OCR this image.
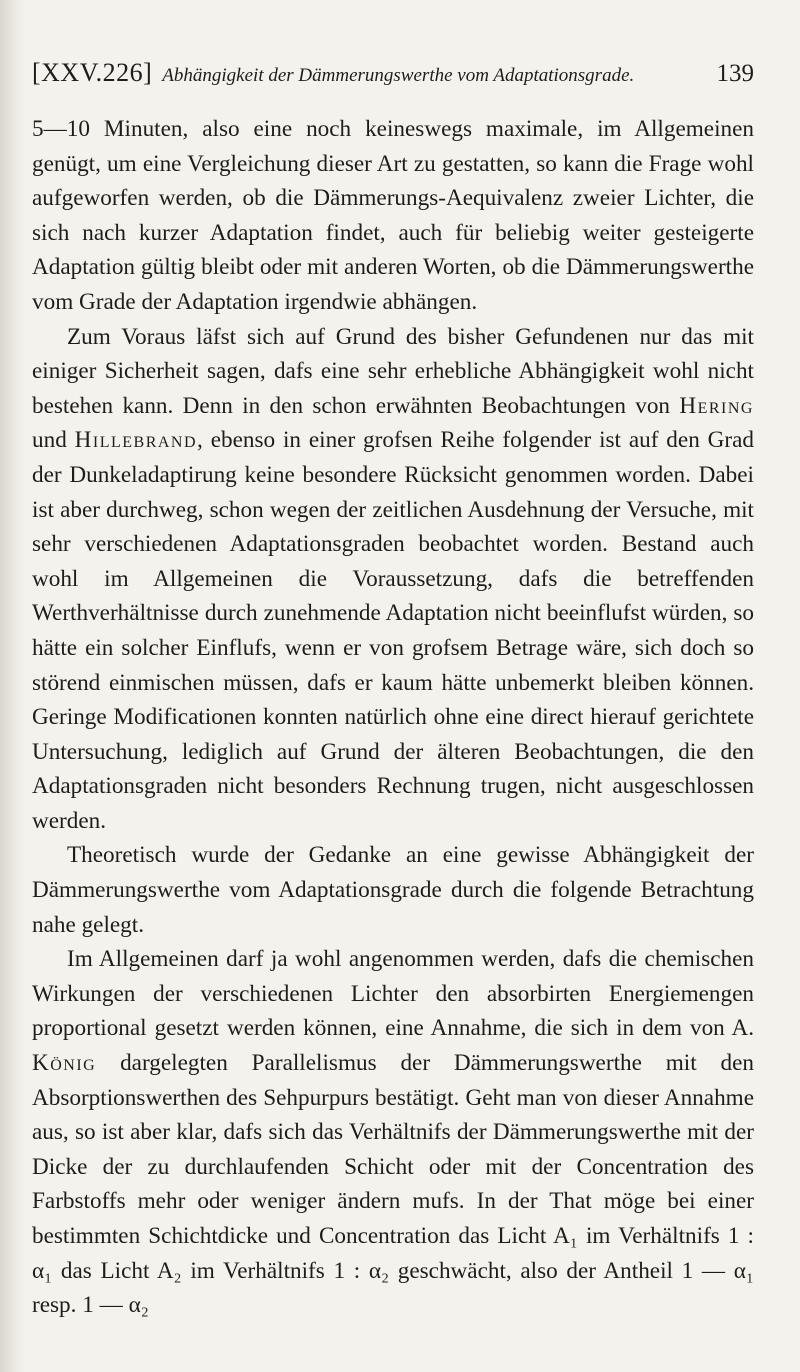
[XXV.226] Abhängigkeit der Dämmerungswerthe vom Adaptationsgrade.	139

5—10 Minuten, also eine noch keineswegs maximale, im Allgemeinen genügt, um eine Vergleichung dieser Art zu gestatten, so kann die Frage wohl aufgeworfen werden, ob die Dämmerungs-Aequivalenz zweier Lichter, die sich nach kurzer Adaptation findet, auch für beliebig weiter gesteigerte Adaptation gültig bleibt oder mit anderen Worten, ob die Dämmerungswerthe vom Grade der Adaptation irgendwie abhängen.

Zum Voraus läfst sich auf Grund des bisher Gefundenen nur das mit einiger Sicherheit sagen, dafs eine sehr erhebliche Abhängigkeit wohl nicht bestehen kann. Denn in den schon erwähnten Beobachtungen von Hering und Hillebrand, ebenso in einer grofsen Reihe folgender ist auf den Grad der Dunkeladaptirung keine besondere Rücksicht genommen worden. Dabei ist aber durchweg, schon wegen der zeitlichen Ausdehnung der Versuche, mit sehr verschiedenen Adaptationsgraden beobachtet worden. Bestand auch wohl im Allgemeinen die Voraussetzung, dafs die betreffenden Werthverhältnisse durch zunehmende Adaptation nicht beeinflufst würden, so hätte ein solcher Einflufs, wenn er von grofsem Betrage wäre, sich doch so störend einmischen müssen, dafs er kaum hätte unbemerkt bleiben können. Geringe Modificationen konnten natürlich ohne eine direct hierauf gerichtete Untersuchung, lediglich auf Grund der älteren Beobachtungen, die den Adaptationsgraden nicht besonders Rechnung trugen, nicht ausgeschlossen werden.

Theoretisch wurde der Gedanke an eine gewisse Abhängigkeit der Dämmerungswerthe vom Adaptationsgrade durch die folgende Betrachtung nahe gelegt.

Im Allgemeinen darf ja wohl angenommen werden, dafs die chemischen Wirkungen der verschiedenen Lichter den absorbirten Energiemengen proportional gesetzt werden können, eine Annahme, die sich in dem von A. König dargelegten Parallelismus der Dämmerungswerthe mit den Absorptionswerthen des Sehpurpurs bestätigt. Geht man von dieser Annahme aus, so ist aber klar, dafs sich das Verhältnifs der Dämmerungswerthe mit der Dicke der zu durchlaufenden Schicht oder mit der Concentration des Farbstoffs mehr oder weniger ändern mufs. In der That möge bei einer bestimmten Schichtdicke und Concentration das Licht A₁ im Verhältnifs 1 : α₁ das Licht A₂ im Verhältnifs 1 : α₂ geschwächt, also der Antheil 1 — α₁ resp. 1 — α₂
